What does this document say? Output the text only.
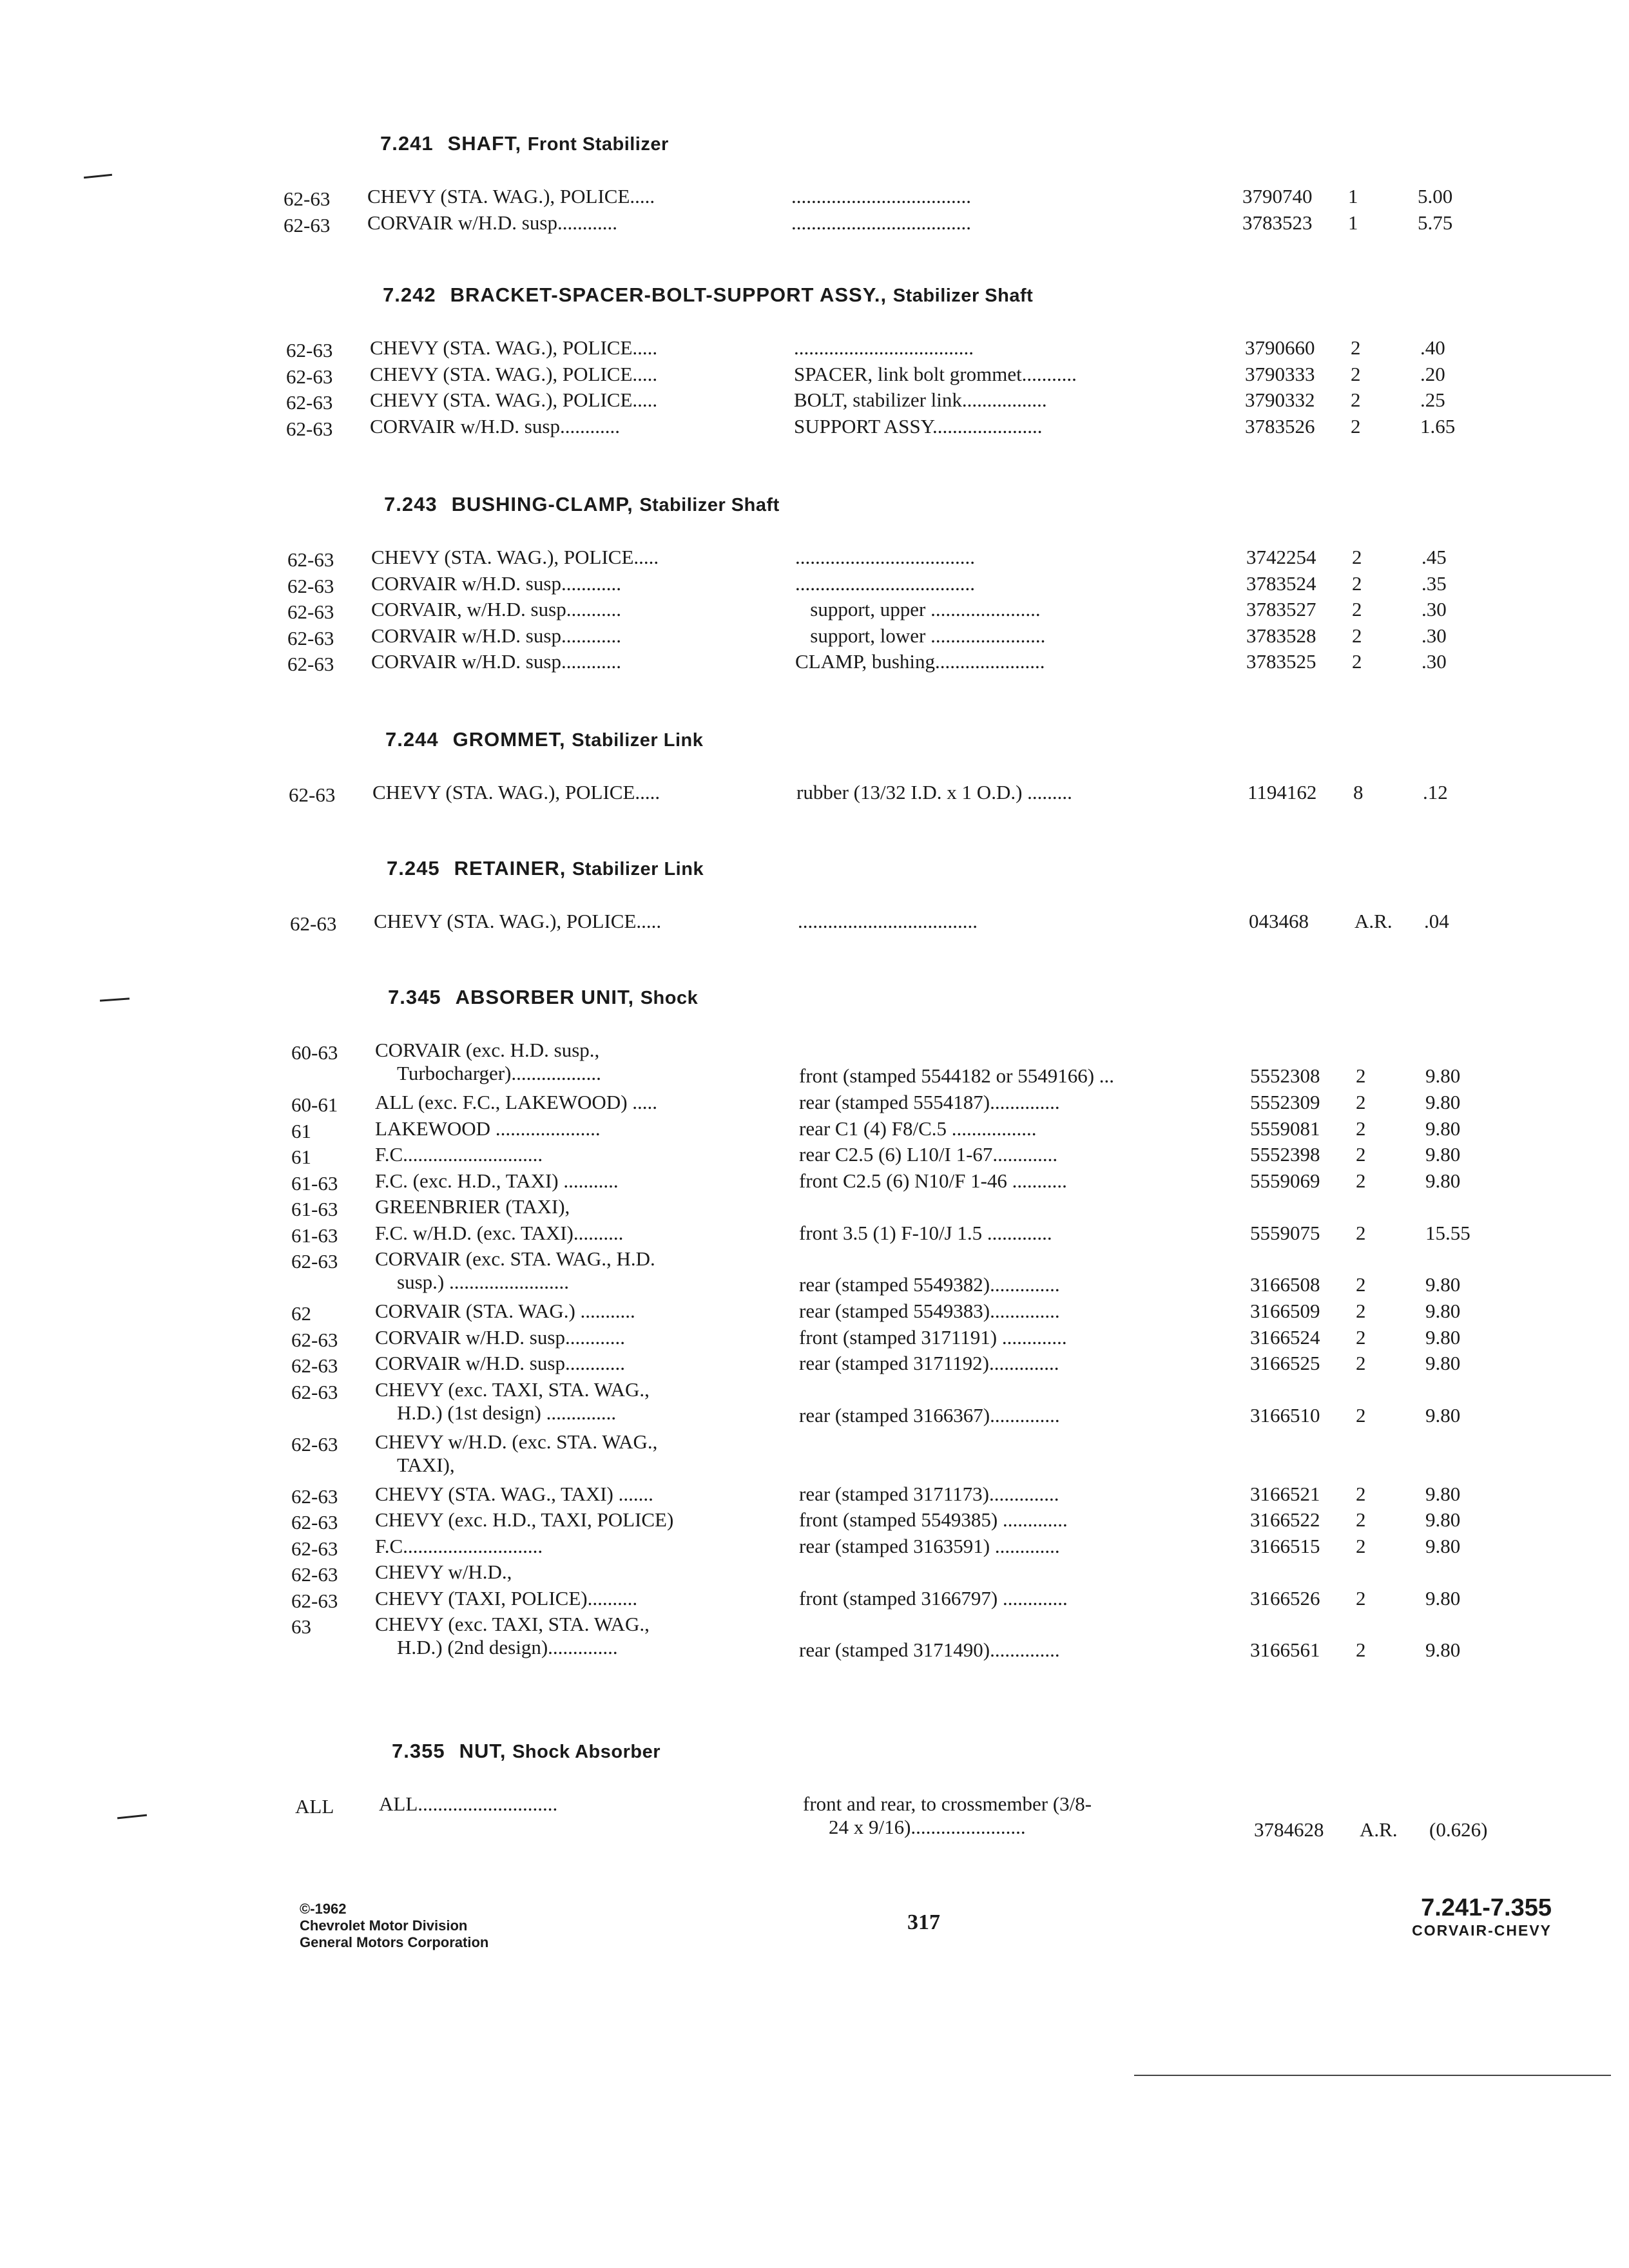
7.241 SHAFT, Front Stabilizer
62-63	CHEVY (STA. WAG.), POLICE.....	....................................	3790740	1	5.00
62-63	CORVAIR w/H.D. susp............	....................................	3783523	1	5.75
7.242 BRACKET-SPACER-BOLT-SUPPORT ASSY., Stabilizer Shaft
62-63	CHEVY (STA. WAG.), POLICE.....	....................................	3790660	2	.40
62-63	CHEVY (STA. WAG.), POLICE.....	SPACER, link bolt grommet...........	3790333	2	.20
62-63	CHEVY (STA. WAG.), POLICE.....	BOLT, stabilizer link.................	3790332	2	.25
62-63	CORVAIR w/H.D. susp............	SUPPORT ASSY......................	3783526	2	1.65
7.243 BUSHING-CLAMP, Stabilizer Shaft
62-63	CHEVY (STA. WAG.), POLICE.....	....................................	3742254	2	.45
62-63	CORVAIR w/H.D. susp............	....................................	3783524	2	.35
62-63	CORVAIR, w/H.D. susp...........	support, upper ......................	3783527	2	.30
62-63	CORVAIR w/H.D. susp............	support, lower .......................	3783528	2	.30
62-63	CORVAIR w/H.D. susp............	CLAMP, bushing......................	3783525	2	.30
7.244 GROMMET, Stabilizer Link
62-63	CHEVY (STA. WAG.), POLICE.....	rubber (13/32 I.D. x 1 O.D.) .........	1194162	8	.12
7.245 RETAINER, Stabilizer Link
62-63	CHEVY (STA. WAG.), POLICE.....	....................................	043468	A.R.	.04
7.345 ABSORBER UNIT, Shock
60-63	CORVAIR (exc. H.D. susp.,
Turbocharger)..................	front (stamped 5544182 or 5549166) ...	5552308	2	9.80
60-61	ALL (exc. F.C., LAKEWOOD) .....	rear (stamped 5554187)..............	5552309	2	9.80
61	LAKEWOOD .....................	rear C1 (4) F8/C.5 .................	5559081	2	9.80
61	F.C............................	rear C2.5 (6) L10/I 1-67.............	5552398	2	9.80
61-63	F.C. (exc. H.D., TAXI) ...........	front C2.5 (6) N10/F 1-46 ...........	5559069	2	9.80
61-63	GREENBRIER (TAXI),
61-63	F.C. w/H.D. (exc. TAXI)..........	front 3.5 (1) F-10/J 1.5 .............	5559075	2	15.55
62-63	CORVAIR (exc. STA. WAG., H.D.
susp.) ........................	rear (stamped 5549382)..............	3166508	2	9.80
62	CORVAIR (STA. WAG.) ...........	rear (stamped 5549383)..............	3166509	2	9.80
62-63	CORVAIR w/H.D. susp............	front (stamped 3171191) .............	3166524	2	9.80
62-63	CORVAIR w/H.D. susp............	rear (stamped 3171192)..............	3166525	2	9.80
62-63	CHEVY (exc. TAXI, STA. WAG.,
H.D.) (1st design) ..............	rear (stamped 3166367)..............	3166510	2	9.80
62-63	CHEVY w/H.D. (exc. STA. WAG.,
TAXI),
62-63	CHEVY (STA. WAG., TAXI) .......	rear (stamped 3171173)..............	3166521	2	9.80
62-63	CHEVY (exc. H.D., TAXI, POLICE)	front (stamped 5549385) .............	3166522	2	9.80
62-63	F.C............................	rear (stamped 3163591) .............	3166515	2	9.80
62-63	CHEVY w/H.D.,
62-63	CHEVY (TAXI, POLICE)..........	front (stamped 3166797) .............	3166526	2	9.80
63	CHEVY (exc. TAXI, STA. WAG.,
H.D.) (2nd design)..............	rear (stamped 3171490)..............	3166561	2	9.80
7.355 NUT, Shock Absorber
ALL	ALL............................	front and rear, to crossmember (3/8-
24 x 9/16).......................	3784628	A.R.	(0.626)
©-1962
Chevrolet Motor Division
General Motors Corporation
317
7.241-7.355
CORVAIR-CHEVY
